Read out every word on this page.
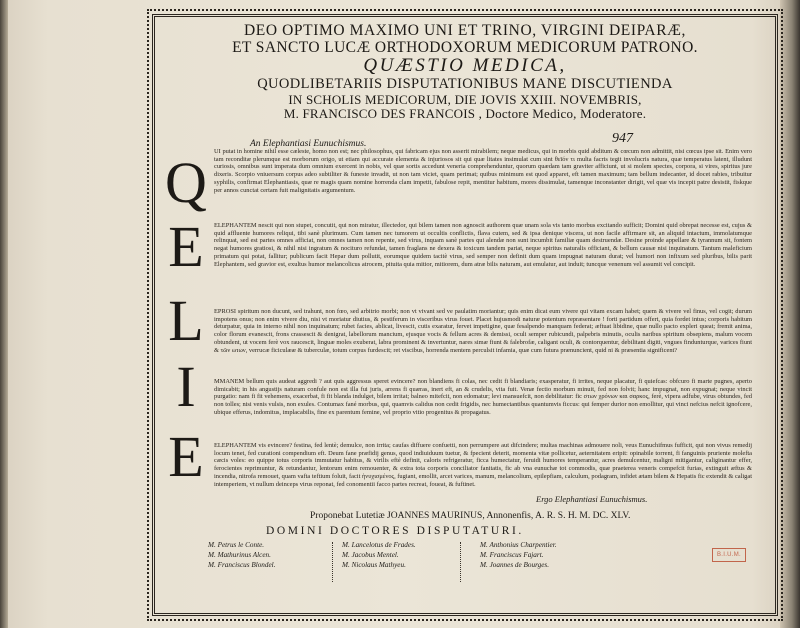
DEO OPTIMO MAXIMO UNI ET TRINO, VIRGINI DEIPARÆ,
ET SANCTO LUCÆ ORTHODOXORUM MEDICORUM PATRONO.
QUÆSTIO MEDICA,
QUODLIBETARIIS DISPUTATIONIBUS MANE DISCUTIENDA
IN SCHOLIS MEDICORUM, DIE JOVIS XXIII. NOVEMBRIS,
M. FRANCISCO DES FRANCOIS , Doctore Medico, Moderatore.
An Elephantiasi Eunuchismus.	947
Q
E
L
I
E
UI putat in homine nihil esse cæleste, homo non est; nec philosophus, qui fabricam ejus non asserit mirabilem; neque medicus, qui in morbis quid abditum & cœcum non admittit, nisi cœcus ipse sit. Enim vero tam reconditæ plerumque est morborum origo, ut etiam qui accurate elementa & injuriosos sit qui quæ litates insimulat cum sint θεῖόν τι multa facris tegit involucris natura, quæ temperatus latent, illudunt curiosis, omnibus sunt imperata dum omnium exercent in nobis, vel quæ sortis accedunt veneria comprehenduntur, quorum quædam tam graviter afficiunt, ut si molem spectes, corpora, si vires, spiritus jure dixeris. Scorpio vniuersum corpus adeo subtiliter & funeste invadit, ut non tam viciet, quam perimat; quibus minimum est quod apparet, eft tamen maximum; tam bellum indecanter, id docet rabies, tribuitur syphilis, confirmat Elephantiasis, quæ re magis quam nomine horrenda clam impetit, fabulose repit, mentitur habitum, mores dissimulat, tamenque inconstanter dirigit, vel quæ vis incepit patre desistit, fiskque per annos cunctat certam fuit malignitatis argumentum.
ELEPHANTEM nescit qui non stupet, concutit, qui non miratur, illectedor, qui bilem tamen non agnoscit authorem quæ unam sola vis tanto morbus excitando sufficit; Domini quid obrepat necesse est, cujus & quid affluente humores reliqui, tibi sanè plurimum. Cum tamen nec tumorem ut occultis conflictis, flava cutem, sed & ipsa denique viscera, ut non facile affirmare sit, an aliquid intactum, immolatumque relinquat, sed est partes omnes afficiat, non omnes tamen non repente, sed virus, inquam sanè partes qui alendæ non sunt incumbit familiæ quam destruendæ. Desine proinde appellare & tyrannum sit, fontem negat humores gratiosi, & nihil nisi ingratum & nocituro refundat, tamen fraglans ne dexera & toxicum tandem pariat, neque spiritus naturalis officiant, & bellum causæ nisi inquinatum. Tantum maleficium primatum qui potat, fallitur; publicum facit Hepar dum pollutit, eorumque quidem tacitè virus, sed semper non definit dum quam impugnat naturam durat; vel humori non infixum sed pluribus, bilis parit Elephantem, sed gravior est, exultus humor melancolicus atrocem, pituita quia mitior, mitiorem, dum atræ bilis naturam, aut emulatur, aut induit; tuncque venenum vel assumit vel concipit.
EPROSI spiritum non ducunt, sed trahunt, non fœo, sed arbitrio morbi; non vt vivant sed ve paulatim moriantur; quis enim dicat eum vivere qui vitam excam habet; quem & vivere vel finus, vel cogit; durum impotens onus; non enim vivere diu, nisi vt moriatur diutius, & pestiferum in visceribus virus fouet. Placet hujusmodi naturæ potentum repræsentare ! forti partidum offert, quia fordet intus; corporis habitum deturpatur, quia in interno nihil non inquinatum; rubet facies, ablicat, livescit, cutis exaratur, fervet impetigine, quæ fesalpendo manquam federat; æftuat libidine, quæ nullo pacto expleri queat; fremit anima, color florum evanescit, frons crassescit & denigrat, labellorum mancium, ejusque vocis & fellum acres & demissi, oculi semper rubicundi, palpebris minutis, oculis naribus spiritum obsepiens, malum vocem obtundent, ut vocem ferè vox raucescit, linguæ moles exuberat, labra prominent & invertuntur, nares simæ fiunt & falebrofæ, caligant oculi, & contorquentur, debilitant digiti, vngues findunturque, varices fiunt & τῶν ωτων, verrucæ ficiculææ & tuberculæ, totum corpus furdescit; ret viscibus, horrenda mentem perculsit infamia, quæ cum futura prænuncient, quid ni & præsentia significent?
MMANEM bellum quis audeat aggredi ? aut quis aggressus speret evincere? non blandiens fi colas, nec cedit fi blandiaris; exasperatur, fi irrites, neque placatur, fi quiefcas: obfcuro fi marte pugnes, aperto dimicabit; in his angustijs naturam confule non est illa fui juris, arrens fi quæras, inert eft, an & crudelis, vita fuit. Venæ fectio morbum minuit, fed non folvit; hanc impugnat, non expugnat; neque vincit purgatio: nam fi fit vehemens, exacerbat, fi fit blanda indulget, bilem irritat; balneo mitefcit, non edomatur; levi mansuefcit, non debilitatur: fic στων χρόνων και σαρκος, ferè, vipera adfube, virus obtundes, fed non tolles; nisi venis vulsis, non exules. Contumax fané morbus, qui, quamvis calidus non cedit frigidis, nec humectantibus quantumvis ficcus: qui femper durior non emollitur, qui vinci nefcius nefcit ignofcere, ubique efferus, indomitus, implacabilis, fine ex parentum femine, vel proprio vitio progenitus & propagatus.
ELEPHANTEM vis evincere? festina, fed lentè; demulce, non irrita; caufas diffuere confuetti, non perrumpere aut difcindere; multas machinas admouere noli, veus Eunuchifmus fufficit, qui non vivus remedij locum tenet, fed curationi compendium eft. Deum fane præfidij genus, quod indiuiduum tuetur, & fpecient deterit, momenta vitæ pollicetur, aeternitatem eripit: opinabile torrent, fi fanguinis pruriente molefta cæcis voles: eo quippe totus corporis immutatur habitus, & virilis eftè definit, caloris refrigeratur, ficca humectatur, feruidi humores temperantur, acres demulcentur, maligni mitigantur, caliginantur effer, ferocientes reprimuntur, & retundantur, lentorum enim remouenter, & extra tota corporis conciliator fanitatis, fic ab vna eunuchæ tot commodis, quæ praeterea veneris compefcit furias, extinguit æftus & incendia, nitrofa remouet, quam vafta teftium foluit, facit ἡνυχισμένος, fugiant, emollit, arcet varices, manum, melancolium, epilepfiam, calculum, podagram, infidet ætam bilem & Hepatis fic extendit & caligat intemperiem, vt nullum deinceps virus reponat, fed conomentii facco partes recreat, foueat, & fuftinet.
Ergo Elephantiasi Eunuchismus.
Proponebat Lutetiæ JOANNES MAURINUS, Annonenfis, A. R. S. H. M. DC. XLV.
DOMINI DOCTORES DISPUTATURI.
M. Petrus le Conte.
M. Mathurinus Alcen.
M. Franciscus Blondel.
M. Lancelotus de Frades.
M. Jacobus Mentel.
M. Nicolaus Mathyeu.
M. Anthonius Charpentier.
M. Franciscus Fajart.
M. Joannes de Bourges.
B.I.U.M.
